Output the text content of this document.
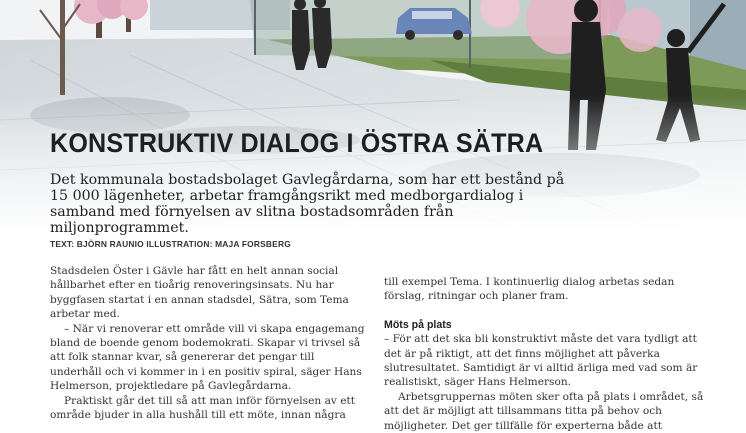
KONSTRUKTIV DIALOG I ÖSTRA SÄTRA

Det kommunala bostadsbolaget Gavlegårdarna, som har ett bestånd på 15 000 lägenheter, arbetar framgångsrikt med medborgardialog i samband med förnyelsen av slitna bostadsområden från miljonprogrammet.

TEXT: BJÖRN RAUNIO ILLUSTRATION: MAJA FORSBERG

Stadsdelen Öster i Gävle har fått en helt annan social hållbarhet efter en tioårig renoveringsinsats. Nu har byggfasen startat i en annan stadsdel, Sätra, som Tema arbetar med.

– När vi renoverar ett område vill vi skapa engagemang bland de boende genom bodemokrati. Skapar vi trivsel så att folk stannar kvar, så genererar det pengar till underhåll och vi kommer in i en positiv spiral, säger Hans Helmerson, projektledare på Gavlegårdarna.

Praktiskt går det till så att man inför förnyelsen av ett område bjuder in alla hushåll till ett möte, innan några

till exempel Tema. I kontinuerlig dialog arbetas sedan förslag, ritningar och planer fram.

Möts på plats

– För att det ska bli konstruktivt måste det vara tydligt att det är på riktigt, att det finns möjlighet att påverka slutresultatet. Samtidigt är vi alltid ärliga med vad som är realistiskt, säger Hans Helmerson.

Arbetsgruppernas möten sker ofta på plats i området, så att det är möjligt att tillsammans titta på behov och möjligheter. Det ger tillfälle för experterna både att
